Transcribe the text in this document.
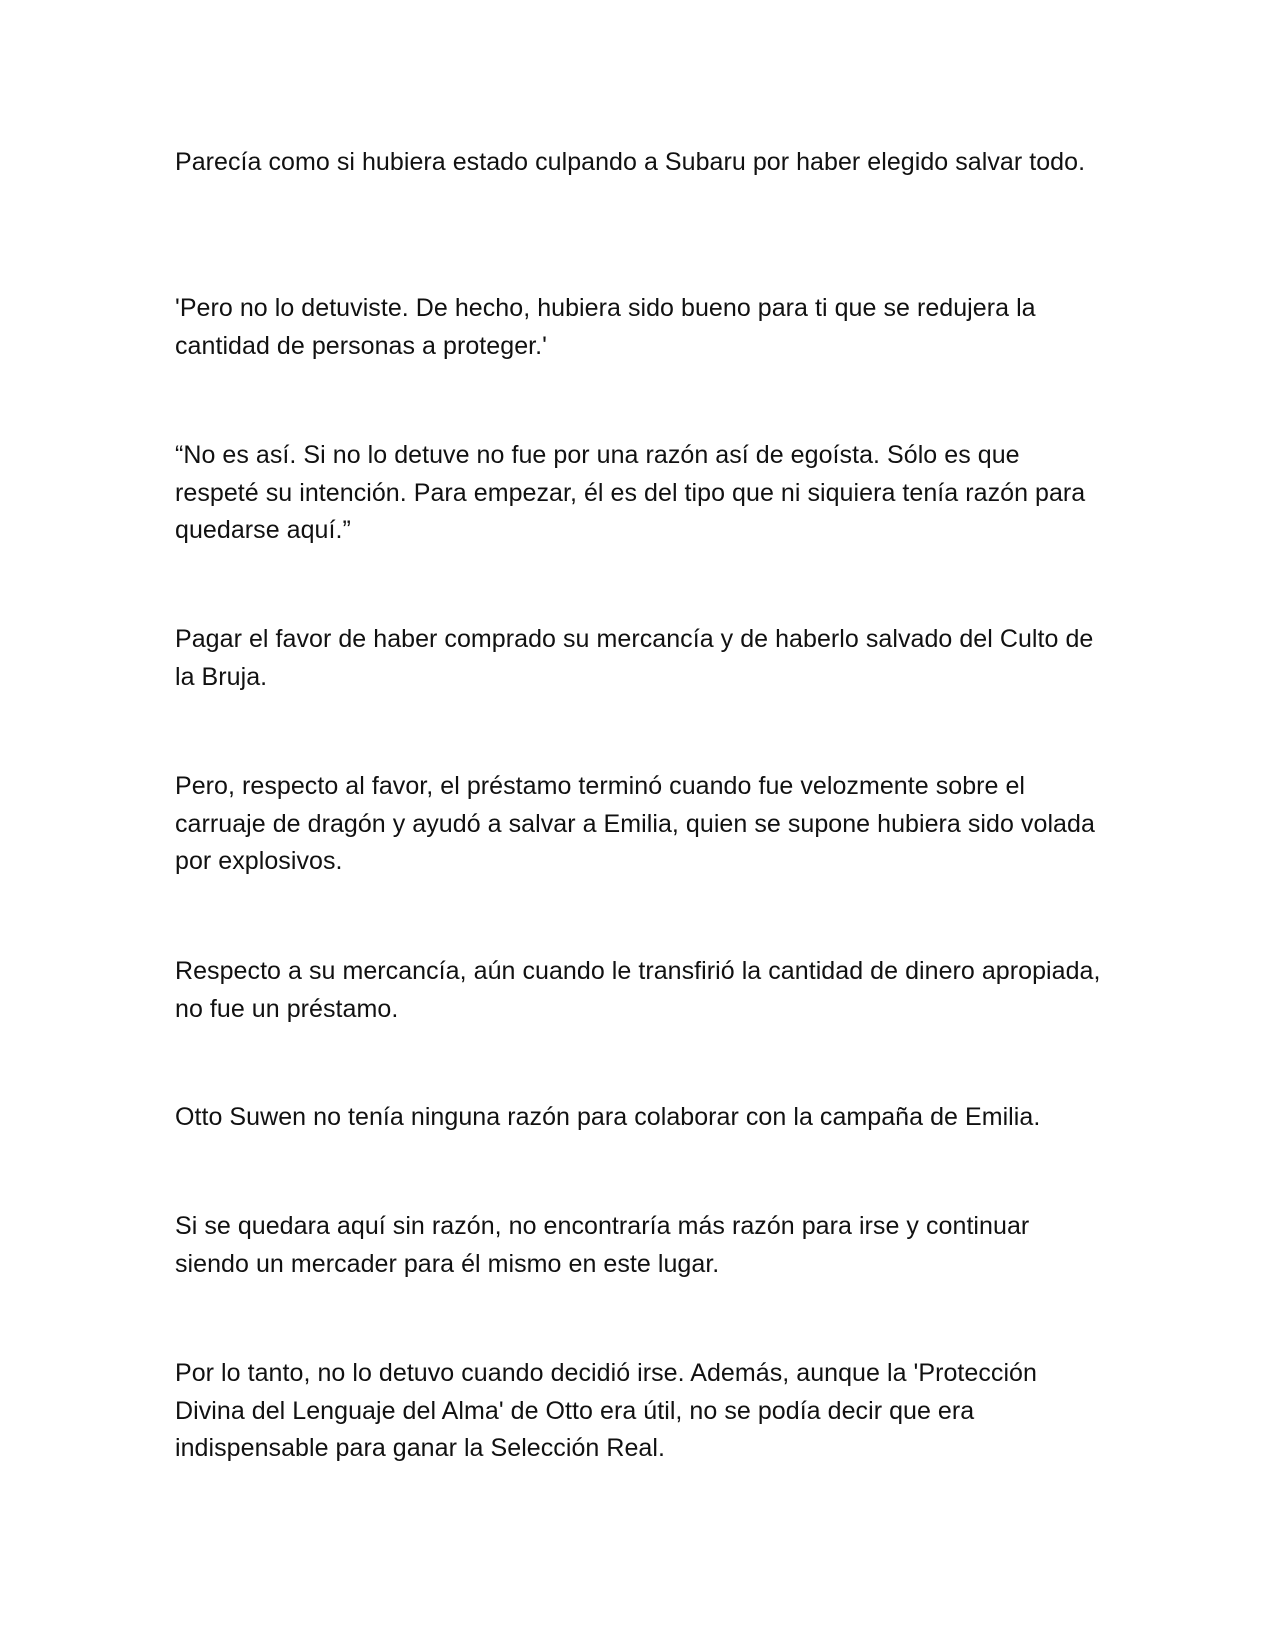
Parecía como si hubiera estado culpando a Subaru por haber elegido salvar todo.

'Pero no lo detuviste. De hecho, hubiera sido bueno para ti que se redujera la cantidad de personas a proteger.'

“No es así. Si no lo detuve no fue por una razón así de egoísta. Sólo es que respeté su intención. Para empezar, él es del tipo que ni siquiera tenía razón para quedarse aquí.”

Pagar el favor de haber comprado su mercancía y de haberlo salvado del Culto de la Bruja.

Pero, respecto al favor, el préstamo terminó cuando fue velozmente sobre el carruaje de dragón y ayudó a salvar a Emilia, quien se supone hubiera sido volada por explosivos.

Respecto a su mercancía, aún cuando le transfirió la cantidad de dinero apropiada, no fue un préstamo.

Otto Suwen no tenía ninguna razón para colaborar con la campaña de Emilia.

Si se quedara aquí sin razón, no encontraría más razón para irse y continuar siendo un mercader para él mismo en este lugar.

Por lo tanto, no lo detuvo cuando decidió irse. Además, aunque la 'Protección Divina del Lenguaje del Alma' de Otto era útil, no se podía decir que era indispensable para ganar la Selección Real.
